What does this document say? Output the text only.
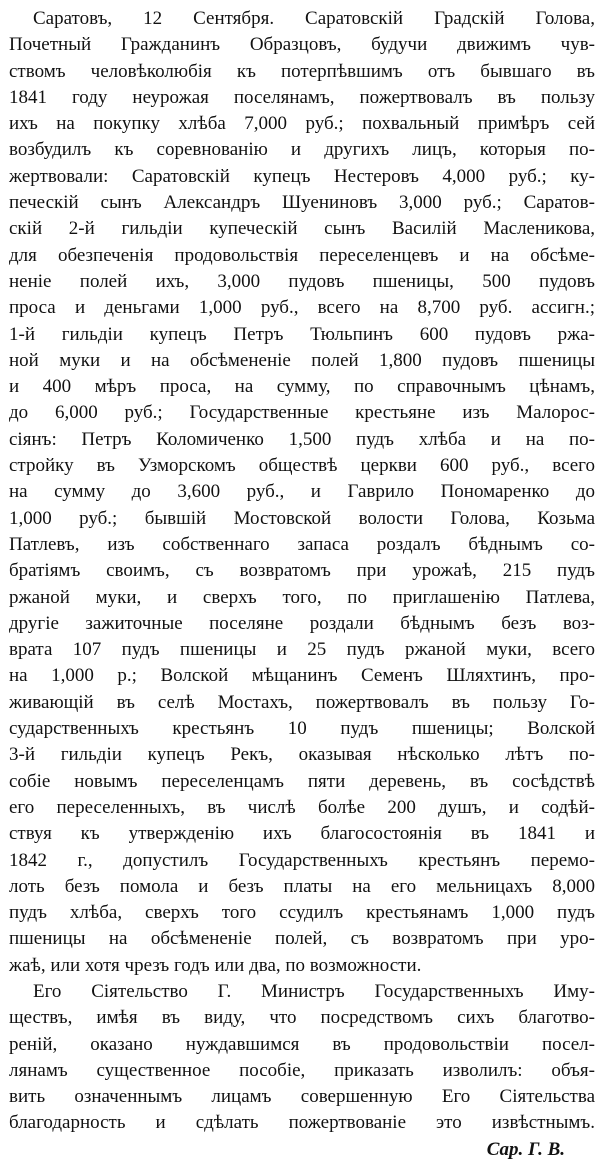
Саратовъ, 12 Сентября. Саратовскій Градскій Голова,
Почетный Гражданинъ Образцовъ, будучи движимъ чув-
ствомъ человѣколюбія къ потерпѣвшимъ отъ бывшаго въ
1841 году неурожая поселянамъ, пожертвовалъ въ пользу
ихъ на покупку хлѣба 7,000 руб.; похвальный примѣръ сей
возбудилъ къ соревнованію и другихъ лицъ, которыя по-
жертвовали: Саратовскій купецъ Нестеровъ 4,000 руб.; ку-
печескій сынъ Александръ Шуениновъ 3,000 руб.; Саратов-
скій 2-й гильдіи купеческій сынъ Василій Масленикова,
для обезпеченія продовольствія переселенцевъ и на обсѣме-
неніе полей ихъ, 3,000 пудовъ пшеницы, 500 пудовъ
проса и деньгами 1,000 руб., всего на 8,700 руб. ассигн.;
1-й гильдіи купецъ Петръ Тюльпинъ 600 пудовъ ржа-
ной муки и на обсѣмененіе полей 1,800 пудовъ пшеницы
и 400 мѣръ проса, на сумму, по справочнымъ цѣнамъ,
до 6,000 руб.; Государственные крестьяне изъ Малорос-
сіянъ: Петръ Коломиченко 1,500 пудъ хлѣба и на по-
стройку въ Узморскомъ обществѣ церкви 600 руб., всего
на сумму до 3,600 руб., и Гаврило Пономаренко до
1,000 руб.; бывшій Мостовской волости Голова, Козьма
Патлевъ, изъ собственнаго запаса роздалъ бѣднымъ со-
братіямъ своимъ, съ возвратомъ при урожаѣ, 215 пудъ
ржаной муки, и сверхъ того, по приглашенію Патлева,
другіе зажиточные поселяне роздали бѣднымъ безъ воз-
врата 107 пудъ пшеницы и 25 пудъ ржаной муки, всего
на 1,000 р.; Волской мѣщанинъ Семенъ Шляхтинъ, про-
живающій въ селѣ Мостахъ, пожертвовалъ въ пользу Го-
сударственныхъ крестьянъ 10 пудъ пшеницы; Волской
3-й гильдіи купецъ Рекъ, оказывая нѣсколько лѣтъ по-
собіе новымъ переселенцамъ пяти деревень, въ сосѣдствѣ
его переселенныхъ, въ числѣ болѣе 200 душъ, и содѣй-
ствуя къ утвержденію ихъ благосостоянія въ 1841 и
1842 г., допустилъ Государственныхъ крестьянъ перемо-
лоть безъ помола и безъ платы на его мельницахъ 8,000
пудъ хлѣба, сверхъ того ссудилъ крестьянамъ 1,000 пудъ
пшеницы на обсѣмененіе полей, съ возвратомъ при уро-
жаѣ, или хотя чрезъ годъ или два, по возможности.
Его Сіятельство Г. Министръ Государственныхъ Иму-
ществъ, имѣя въ виду, что посредствомъ сихъ благотво-
реній, оказано нуждавшимся въ продовольствіи посел-
лянамъ существенное пособіе, приказать изволилъ: объя-
вить означеннымъ лицамъ совершенную Его Сіятельства
благодарность и сдѣлать пожертвованіе это извѣстнымъ.
Сар. Г. В.
